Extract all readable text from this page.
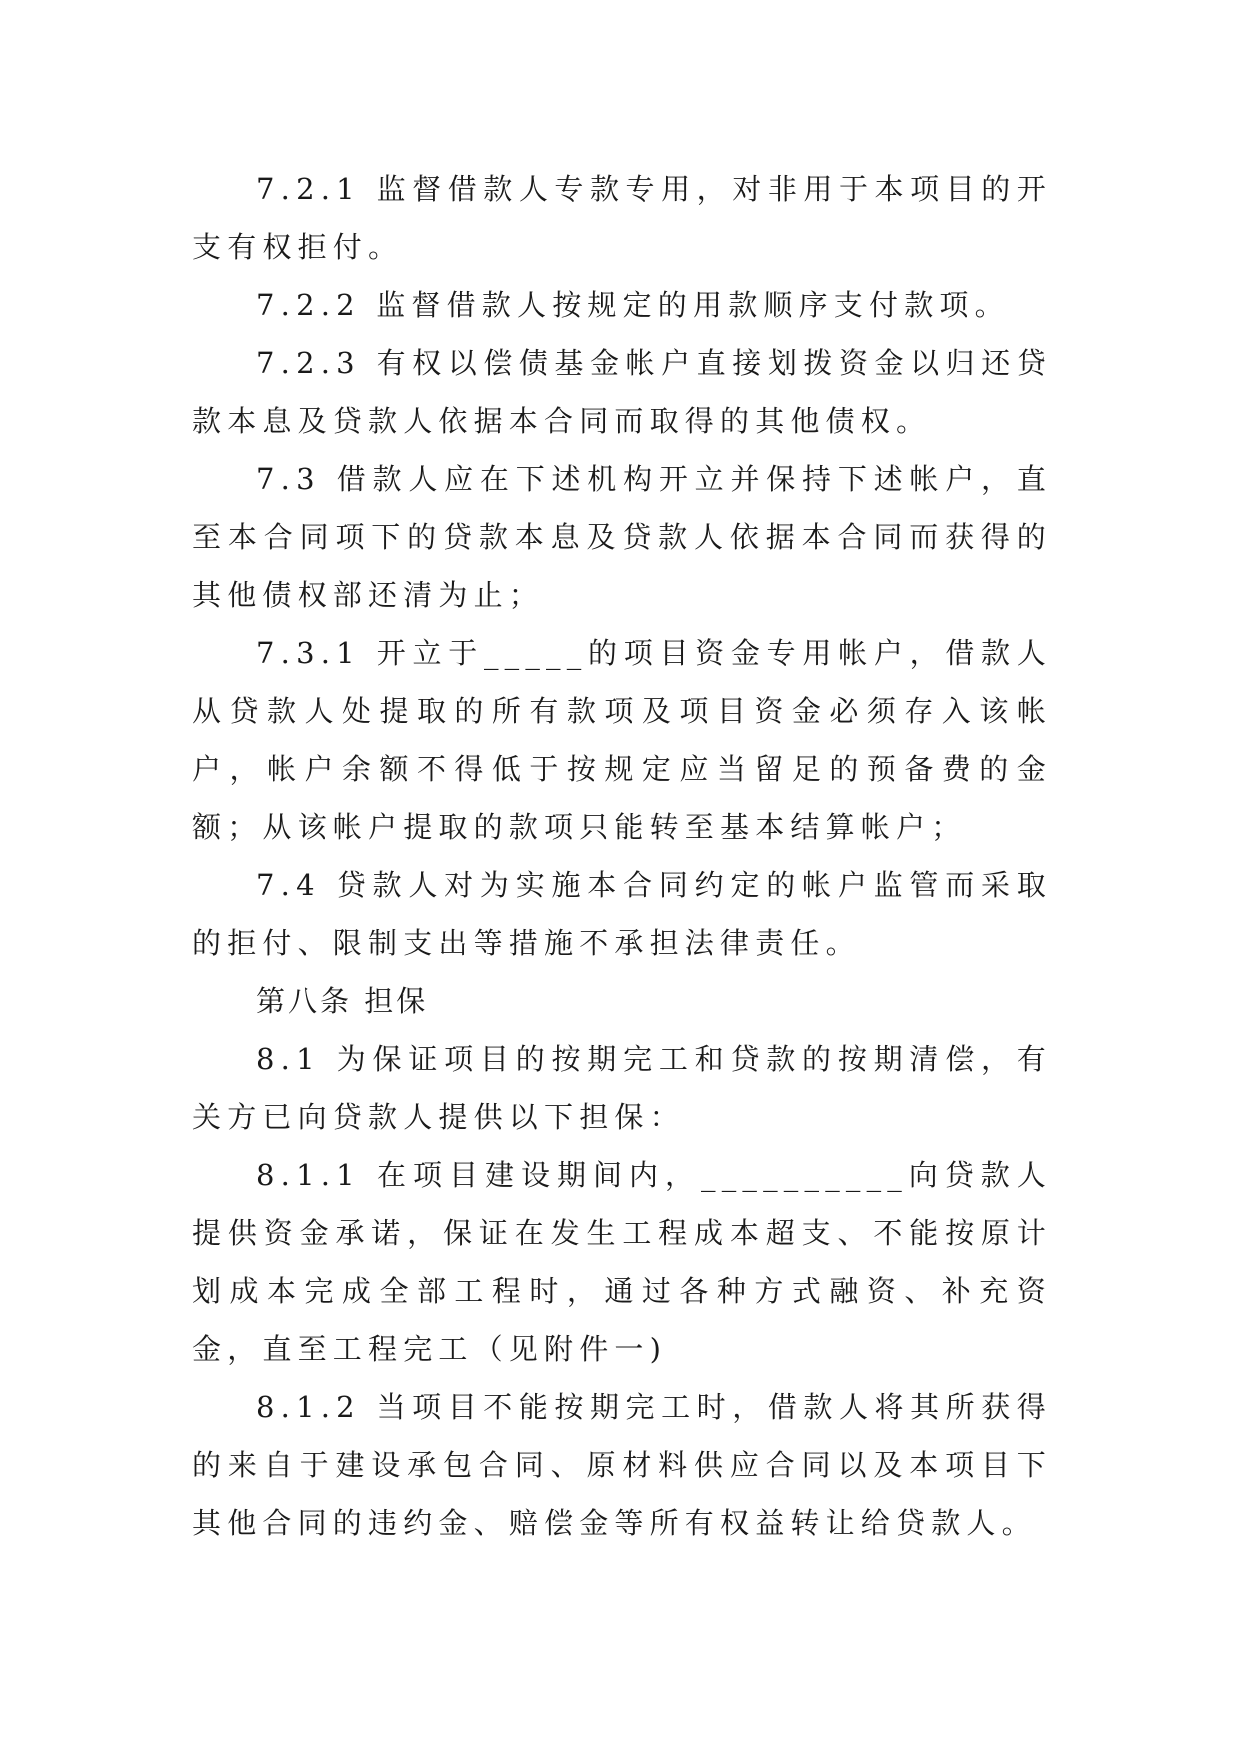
7.2.1 监督借款人专款专用，对非用于本项目的开支有权拒付。

7.2.2 监督借款人按规定的用款顺序支付款项。

7.2.3 有权以偿债基金帐户直接划拨资金以归还贷款本息及贷款人依据本合同而取得的其他债权。

7.3 借款人应在下述机构开立并保持下述帐户，直至本合同项下的贷款本息及贷款人依据本合同而获得的其他债权部还清为止；

7.3.1 开立于_____的项目资金专用帐户，借款人从贷款人处提取的所有款项及项目资金必须存入该帐户，帐户余额不得低于按规定应当留足的预备费的金额；从该帐户提取的款项只能转至基本结算帐户；

7.4 贷款人对为实施本合同约定的帐户监管而采取的拒付、限制支出等措施不承担法律责任。

第八条 担保

8.1 为保证项目的按期完工和贷款的按期清偿，有关方已向贷款人提供以下担保：

8.1.1 在项目建设期间内，__________向贷款人提供资金承诺，保证在发生工程成本超支、不能按原计划成本完成全部工程时，通过各种方式融资、补充资金，直至工程完工（见附件一)

8.1.2 当项目不能按期完工时，借款人将其所获得的来自于建设承包合同、原材料供应合同以及本项目下其他合同的违约金、赔偿金等所有权益转让给贷款人。
